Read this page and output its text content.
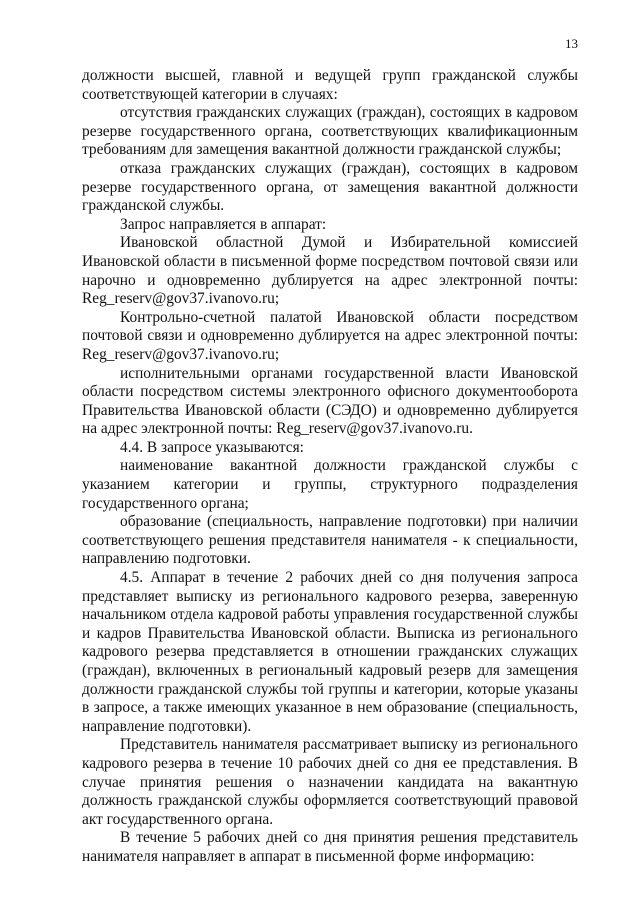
13

должности высшей, главной и ведущей групп гражданской службы соответствующей категории в случаях:

отсутствия гражданских служащих (граждан), состоящих в кадровом резерве государственного органа, соответствующих квалификационным требованиям для замещения вакантной должности гражданской службы;

отказа гражданских служащих (граждан), состоящих в кадровом резерве государственного органа, от замещения вакантной должности гражданской службы.

Запрос направляется в аппарат:

Ивановской областной Думой и Избирательной комиссией Ивановской области в письменной форме посредством почтовой связи или нарочно и одновременно дублируется на адрес электронной почты: Reg_reserv@gov37.ivanovo.ru;

Контрольно-счетной палатой Ивановской области посредством почтовой связи и одновременно дублируется на адрес электронной почты: Reg_reserv@gov37.ivanovo.ru;

исполнительными органами государственной власти Ивановской области посредством системы электронного офисного документооборота Правительства Ивановской области (СЭДО) и одновременно дублируется на адрес электронной почты: Reg_reserv@gov37.ivanovo.ru.

4.4. В запросе указываются:

наименование вакантной должности гражданской службы с указанием категории и группы, структурного подразделения государственного органа;

образование (специальность, направление подготовки) при наличии соответствующего решения представителя нанимателя - к специальности, направлению подготовки.

4.5. Аппарат в течение 2 рабочих дней со дня получения запроса представляет выписку из регионального кадрового резерва, заверенную начальником отдела кадровой работы управления государственной службы и кадров Правительства Ивановской области. Выписка из регионального кадрового резерва представляется в отношении гражданских служащих (граждан), включенных в региональный кадровый резерв для замещения должности гражданской службы той группы и категории, которые указаны в запросе, а также имеющих указанное в нем образование (специальность, направление подготовки).

Представитель нанимателя рассматривает выписку из регионального кадрового резерва в течение 10 рабочих дней со дня ее представления. В случае принятия решения о назначении кандидата на вакантную должность гражданской службы оформляется соответствующий правовой акт государственного органа.

В течение 5 рабочих дней со дня принятия решения представитель нанимателя направляет в аппарат в письменной форме информацию:
